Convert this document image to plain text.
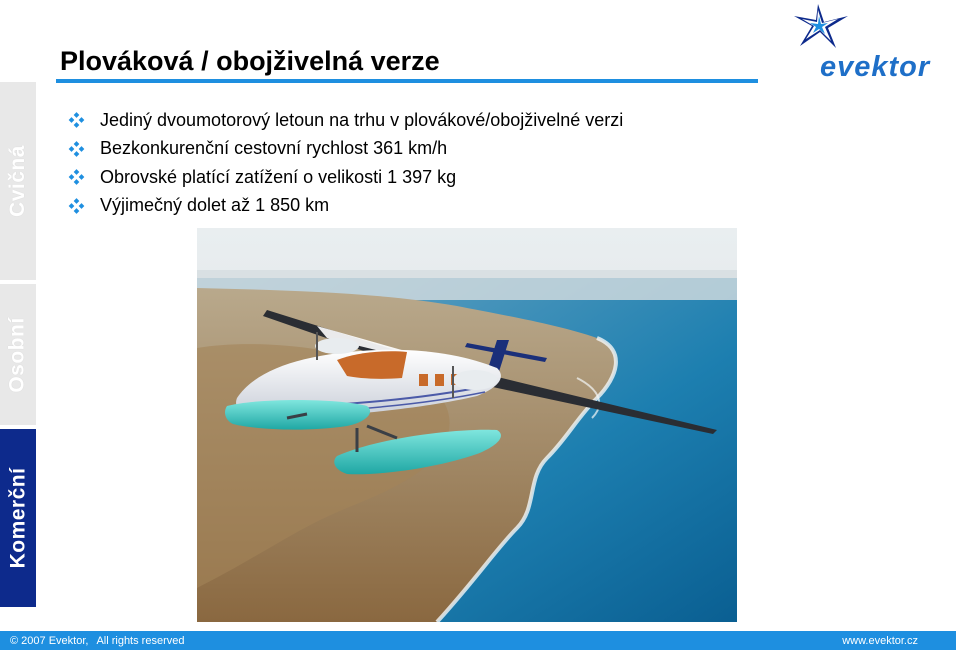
Cvičná
Osobní
Komerční
Plováková / obojživelná verze	evektor
Jediný dvoumotorový letoun na trhu v plovákové/obojživelné verzi
Bezkonkurenční cestovní rychlost 361 km/h
Obrovské platící zatížení o velikosti 1 397 kg
Výjimečný dolet až 1 850 km
© 2007 Evektor, All rights reserved	www.evektor.cz
